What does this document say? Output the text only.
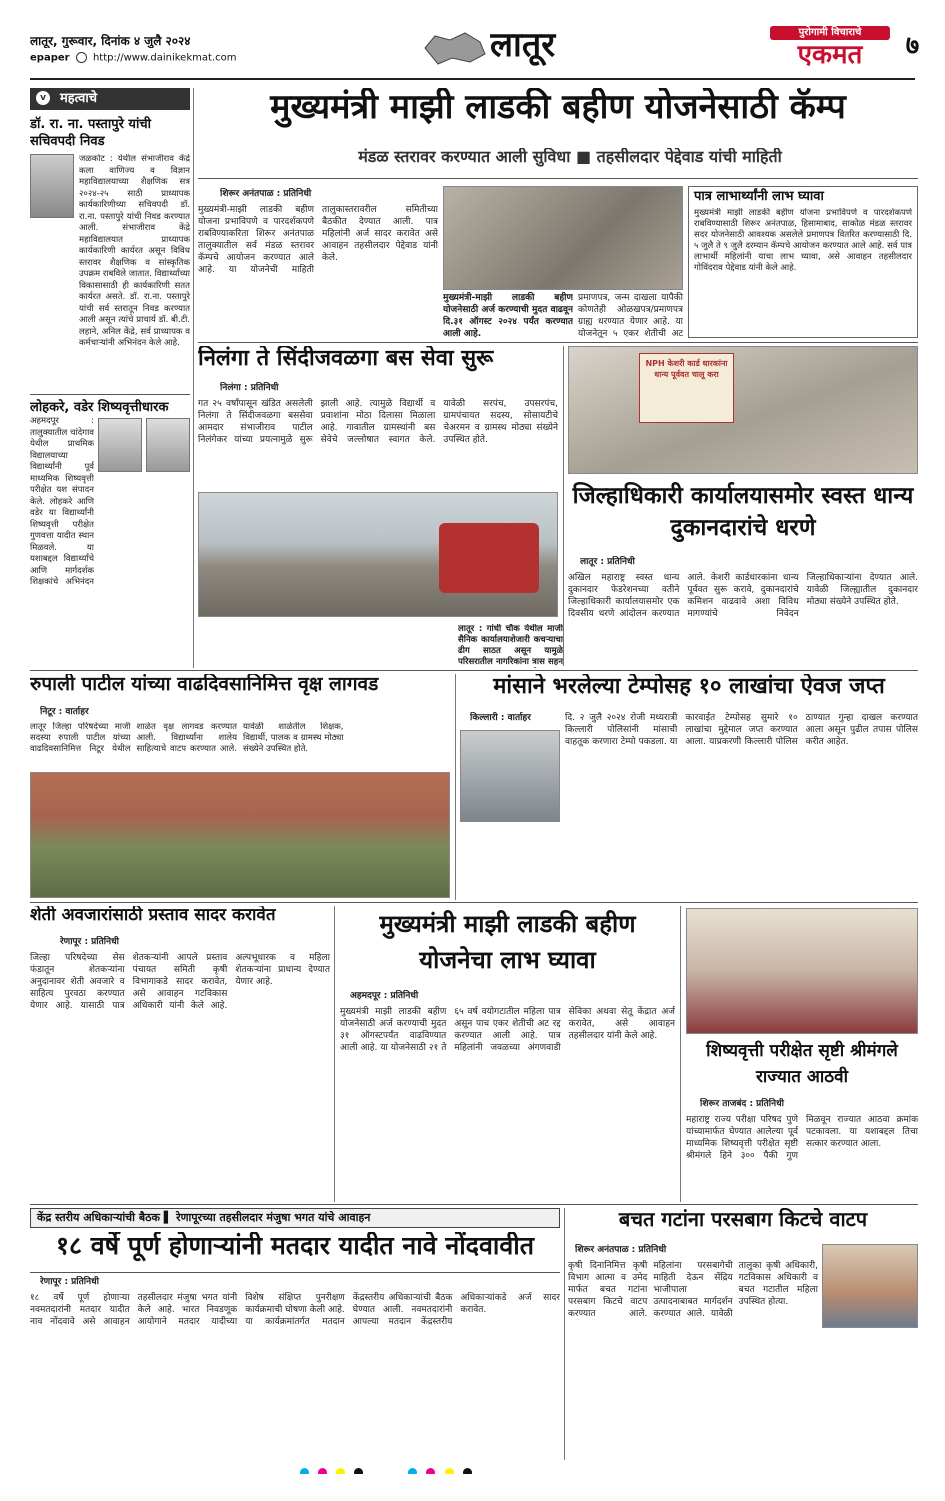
लातूर, गुरूवार, दिनांक ४ जुलै २०२४
epaper http://www.dainikekmat.com	लातूर	पुरोगामी विचाराचे
एकमत	७
v	महत्वाचे
डॉ. रा. ना. पस्तापुरे यांची सचिवपदी निवड
जळकोट : येथील संभाजीराव केंद्रे कला वाणिज्य व विज्ञान महाविद्यालयाच्या शैक्षणिक सत्र २०२४-२५ साठी प्राध्यापक कार्यकारिणीच्या सचिवपदी डॉ. रा.ना. पस्तापुरे यांची निवड करण्यात आली. संभाजीराव केंद्रे महाविद्यालयात प्राध्यापक कार्यकारिणी कार्यरत असून विविध स्तरावर शैक्षणिक व सांस्कृतिक उपक्रम राबविले जातात. विद्यार्थ्यांच्या विकासासाठी ही कार्यकारिणी सतत कार्यरत असते. डॉ. रा.ना. पस्तापुरे यांची सर्व स्तरातून निवड करण्यात आली असून त्यांचे प्राचार्य डॉ. बी.टी. लहाने, अनिल केंद्रे, सर्व प्राध्यापक व कर्मचाऱ्यांनी अभिनंदन केले आहे.
लोहकरे, वडेर शिष्यवृत्तीधारक
अहमदपूर : तालुक्यातील चांदेगाव येथील प्राथमिक विद्यालयाच्या विद्यार्थ्यांनी पूर्व माध्यमिक शिष्यवृत्ती परीक्षेत यश संपादन केले. लोहकरे आणि वडेर या विद्यार्थ्यांनी शिष्यवृत्ती परीक्षेत गुणवत्ता यादीत स्थान मिळवले. या यशाबद्दल विद्यार्थ्यांचे आणि मार्गदर्शक शिक्षकांचे अभिनंदन
मुख्यमंत्री माझी लाडकी बहीण योजनेसाठी कॅम्प
मंडळ स्तरावर करण्यात आली सुविधा ■ तहसीलदार पेद्देवाड यांची माहिती
शिरूर अनंतपाळ : प्रतिनिधी
मुख्यमंत्री-माझी लाडकी बहीण योजना प्रभाविपणे व पारदर्शकपणे राबविण्याकरिता शिरूर अनंतपाळ तालुक्यातील सर्व मंडळ स्तरावर कॅम्पचे आयोजन करण्यात आले आहे. या योजनेची माहिती तालुकास्तरावरील समितीच्या बैठकीत देण्यात आली. पात्र महिलांनी अर्ज सादर करावेत असे आवाहन तहसीलदार पेद्देवाड यांनी केले.
मुख्यमंत्री-माझी लाडकी बहीण योजनेसाठी अर्ज करण्याची मुदत वाढवून दि.३१ ऑगस्ट २०२४ पर्यंत करण्यात आली आहे.
प्रमाणपत्र, जन्म दाखला यापैकी कोणतेही ओळखपत्र/प्रमाणपत्र ग्राह्य धरण्यात येणार आहे. या योजनेतून ५ एकर शेतीची अट
पात्र लाभार्थ्यांनी लाभ घ्यावा
मुख्यमंत्री माझी लाडकी बहीण योजना प्रभाविपणे व पारदर्शकपणे राबविण्यासाठी शिरूर अनंतपाळ, हिसामाबाद, साकोळ मंडळ स्तरावर सदर योजनेसाठी आवश्यक असलेले प्रमाणपत्र वितरित करण्यासाठी दि. ५ जुलै ते ९ जुलै दरम्यान कॅम्पचे आयोजन करण्यात आले आहे. सर्व पात्र लाभार्थी महिलांनी याचा लाभ घ्यावा, असे आवाहन तहसीलदार गोविंदराव पेद्देवाड यांनी केले आहे.
निलंगा ते सिंदीजवळगा बस सेवा सुरू
निलंगा : प्रतिनिधी
गत २५ वर्षांपासून खंडित असलेली निलंगा ते सिंदीजवळगा बससेवा आमदार संभाजीराव पाटील निलंगेकर यांच्या प्रयत्नामुळे सुरू झाली आहे. त्यामुळे विद्यार्थी व प्रवाशांना मोठा दिलासा मिळाला आहे. गावातील ग्रामस्थांनी बस सेवेचे जल्लोषात स्वागत केले. यावेळी सरपंच, उपसरपंच, ग्रामपंचायत सदस्य, सोसायटीचे चेअरमन व ग्रामस्थ मोठ्या संख्येने उपस्थित होते.
NPH केशरी कार्ड धारकांना धान्य पूर्ववत चालू करा
जिल्हाधिकारी कार्यालयासमोर स्वस्त धान्य दुकानदारांचे धरणे
लातूर : प्रतिनिधी
अखिल महाराष्ट्र स्वस्त धान्य दुकानदार फेडरेशनच्या वतीने जिल्हाधिकारी कार्यालयासमोर एक दिवसीय धरणे आंदोलन करण्यात आले. केशरी कार्डधारकांना धान्य पूर्ववत सुरू करावे, दुकानदारांचे कमिशन वाढवावे अशा विविध मागण्यांचे निवेदन जिल्हाधिकाऱ्यांना देण्यात आले. यावेळी जिल्ह्यातील दुकानदार मोठ्या संख्येने उपस्थित होते.
लातूर : गांधी चौक येथील माजी सैनिक कार्यालयाशेजारी कचऱ्याचा ढीग साठत असून यामुळे परिसरातील नागरिकांना त्रास सहन
रुपाली पाटील यांच्या वाढदिवसानिमित्त वृक्ष लागवड
निटूर : वार्ताहर
लातूर जिल्हा परिषदेच्या माजी सदस्या रुपाली पाटील यांच्या वाढदिवसानिमित्त निटूर येथील शाळेत वृक्ष लागवड करण्यात आली. विद्यार्थ्यांना शालेय साहित्याचे वाटप करण्यात आले. यावेळी शाळेतील शिक्षक, विद्यार्थी, पालक व ग्रामस्थ मोठ्या संख्येने उपस्थित होते.
मांसाने भरलेल्या टेम्पोसह १० लाखांचा ऐवज जप्त
किल्लारी : वार्ताहर	दि. २ जुलै २०२४ रोजी मध्यरात्री किल्लारी पोलिसांनी मांसाची वाहतूक करणारा टेम्पो पकडला. या कारवाईत टेम्पोसह सुमारे १० लाखांचा मुद्देमाल जप्त करण्यात आला. याप्रकरणी किल्लारी पोलिस ठाण्यात गुन्हा दाखल करण्यात आला असून पुढील तपास पोलिस करीत आहेत.
शेती अवजारांसाठी प्रस्ताव सादर करावेत
रेणापूर : प्रतिनिधी
जिल्हा परिषदेच्या सेस फंडातून शेतकऱ्यांना अनुदानावर शेती अवजारे व साहित्य पुरवठा करण्यात येणार आहे. यासाठी पात्र शेतकऱ्यांनी आपले प्रस्ताव पंचायत समिती कृषी विभागाकडे सादर करावेत, असे आवाहन गटविकास अधिकारी यांनी केले आहे. अल्पभूधारक व महिला शेतकऱ्यांना प्राधान्य देण्यात येणार आहे.
मुख्यमंत्री माझी लाडकी बहीण योजनेचा लाभ घ्यावा
अहमदपूर : प्रतिनिधी
मुख्यमंत्री माझी लाडकी बहीण योजनेसाठी अर्ज करण्याची मुदत ३१ ऑगस्टपर्यंत वाढविण्यात आली आहे. या योजनेसाठी २१ ते ६५ वर्ष वयोगटातील महिला पात्र असून पाच एकर शेतीची अट रद्द करण्यात आली आहे. पात्र महिलांनी जवळच्या अंगणवाडी सेविका अथवा सेतू केंद्रात अर्ज करावेत, असे आवाहन तहसीलदार यांनी केले आहे.
शिष्यवृत्ती परीक्षेत सृष्टी श्रीमंगले राज्यात आठवी
शिरूर ताजबंद : प्रतिनिधी
महाराष्ट्र राज्य परीक्षा परिषद पुणे यांच्यामार्फत घेण्यात आलेल्या पूर्व माध्यमिक शिष्यवृत्ती परीक्षेत सृष्टी श्रीमंगले हिने ३०० पैकी गुण मिळवून राज्यात आठवा क्रमांक पटकावला. या यशाबद्दल तिचा सत्कार करण्यात आला.
केंद्र स्तरीय अधिकाऱ्यांची बैठक ▌ रेणापूरच्या तहसीलदार मंजुषा भगत यांचे आवाहन
१८ वर्षे पूर्ण होणाऱ्यांनी मतदार यादीत नावे नोंदवावीत
रेणापूर : प्रतिनिधी
१८ वर्षे पूर्ण होणाऱ्या नवमतदारांनी मतदार यादीत नाव नोंदवावे असे आवाहन तहसीलदार मंजुषा भगत यांनी केले आहे. भारत निवडणूक आयोगाने मतदार यादीच्या विशेष संक्षिप्त पुनरीक्षण कार्यक्रमाची घोषणा केली आहे. या कार्यक्रमांतर्गत मतदान केंद्रस्तरीय अधिकाऱ्यांची बैठक घेण्यात आली. नवमतदारांनी आपल्या मतदान केंद्रस्तरीय अधिकाऱ्यांकडे अर्ज सादर करावेत.
बचत गटांना परसबाग किटचे वाटप
शिरूर अनंतपाळ : प्रतिनिधी
कृषी दिनानिमित्त कृषी विभाग आत्मा व उमेद मार्फत बचत गटांना परसबाग किटचे वाटप करण्यात आले. महिलांना परसबागेची माहिती देऊन सेंद्रिय भाजीपाला उत्पादनाबाबत मार्गदर्शन करण्यात आले. यावेळी तालुका कृषी अधिकारी, गटविकास अधिकारी व बचत गटातील महिला उपस्थित होत्या.
